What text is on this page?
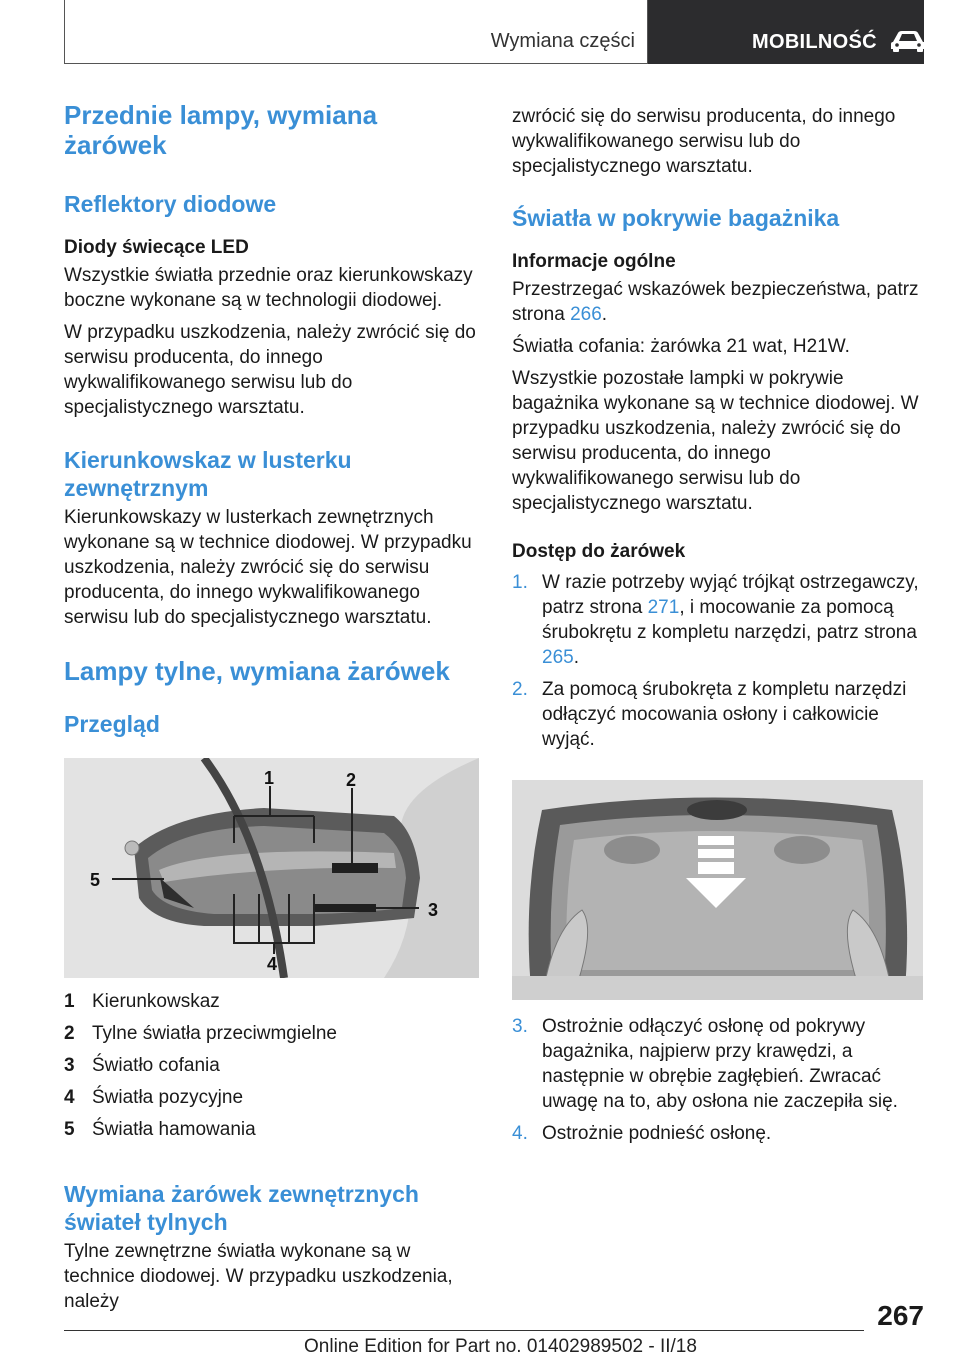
Wymiana części	MOBILNOŚĆ
Przednie lampy, wymiana żarówek
Reflektory diodowe
Diody świecące LED

Wszystkie światła przednie oraz kierunkowskazy boczne wykonane są w technologii diodowej.

W przypadku uszkodzenia, należy zwrócić się do serwisu producenta, do innego wykwalifikowanego serwisu lub do specjalistycznego warsztatu.

Kierunkowskaz w lusterku zewnętrznym

Kierunkowskazy w lusterkach zewnętrznych wykonane są w technice diodowej. W przypadku uszkodzenia, należy zwrócić się do serwisu producenta, do innego wykwalifikowanego serwisu lub do specjalistycznego warsztatu.

Lampy tylne, wymiana żarówek
Przegląd
1	2
3
4
5
1 Kierunkowskaz
2 Tylne światła przeciwmgielne
3 Światło cofania
4 Światła pozycyjne
5 Światła hamowania
Wymiana żarówek zewnętrznych świateł tylnych

Tylne zewnętrzne światła wykonane są w technice diodowej. W przypadku uszkodzenia, należy

zwrócić się do serwisu producenta, do innego wykwalifikowanego serwisu lub do specjalistycznego warsztatu.

Światła w pokrywie bagażnika
Informacje ogólne

Przestrzegać wskazówek bezpieczeństwa, patrz strona 266.

Światła cofania: żarówka 21 wat, H21W.

Wszystkie pozostałe lampki w pokrywie bagażnika wykonane są w technice diodowej. W przypadku uszkodzenia, należy zwrócić się do serwisu producenta, do innego wykwalifikowanego serwisu lub do specjalistycznego warsztatu.

Dostęp do żarówek
1. W razie potrzeby wyjąć trójkąt ostrzegawczy, patrz strona 271, i mocowanie za pomocą śrubokrętu z kompletu narzędzi, patrz strona 265.
2. Za pomocą śrubokręta z kompletu narzędzi odłączyć mocowania osłony i całkowicie wyjąć.
3. Ostrożnie odłączyć osłonę od pokrywy bagażnika, najpierw przy krawędzi, a następnie w obrębie zagłębień. Zwracać uwagę na to, aby osłona nie zaczepiła się.
4. Ostrożnie podnieść osłonę.
267
Online Edition for Part no. 01402989502 - II/18
